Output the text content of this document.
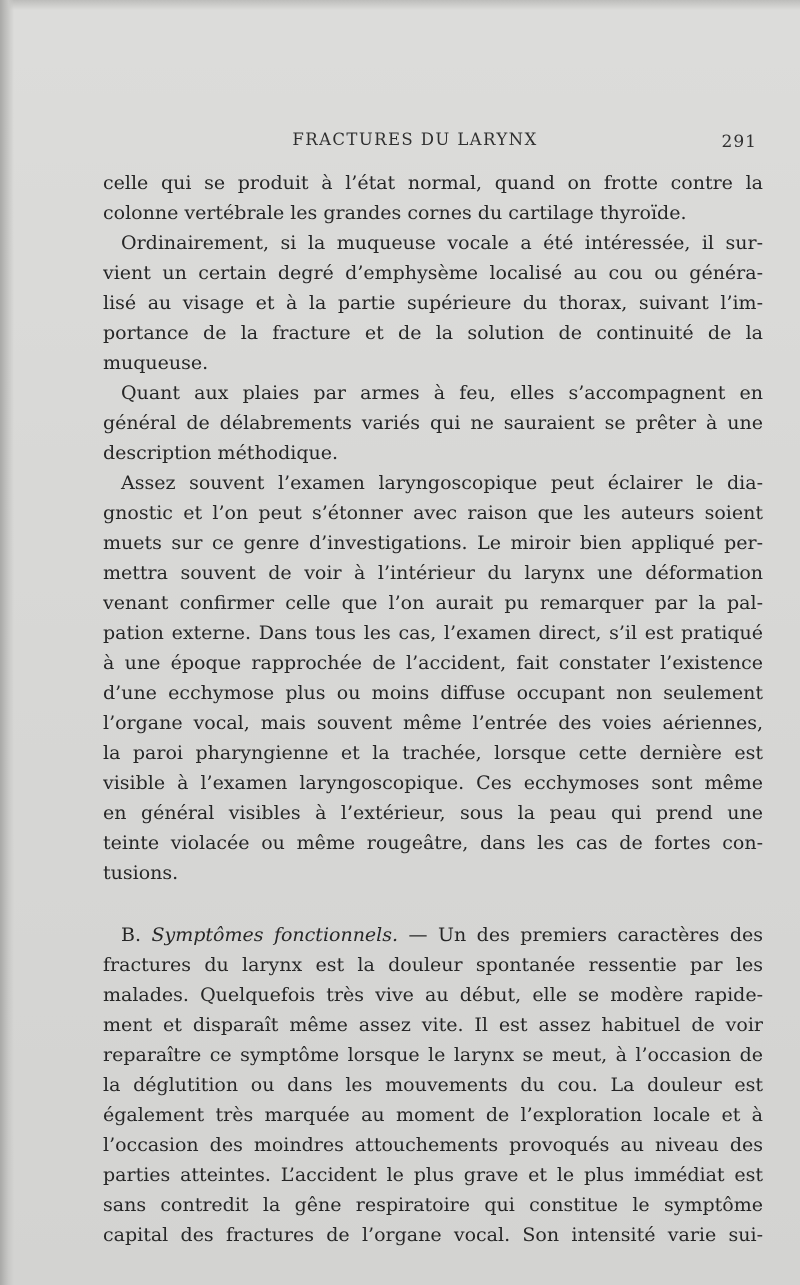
FRACTURES DU LARYNX	291
celle qui se produit à l’état normal, quand on frotte contre la
colonne vertébrale les grandes cornes du cartilage thyroïde.
Ordinairement, si la muqueuse vocale a été intéressée, il sur-
vient un certain degré d’emphysème localisé au cou ou généra-
lisé au visage et à la partie supérieure du thorax, suivant l’im-
portance de la fracture et de la solution de continuité de la
muqueuse.
Quant aux plaies par armes à feu, elles s’accompagnent en
général de délabrements variés qui ne sauraient se prêter à une
description méthodique.
Assez souvent l’examen laryngoscopique peut éclairer le dia-
gnostic et l’on peut s’étonner avec raison que les auteurs soient
muets sur ce genre d’investigations. Le miroir bien appliqué per-
mettra souvent de voir à l’intérieur du larynx une déformation
venant confirmer celle que l’on aurait pu remarquer par la pal-
pation externe. Dans tous les cas, l’examen direct, s’il est pratiqué
à une époque rapprochée de l’accident, fait constater l’existence
d’une ecchymose plus ou moins diffuse occupant non seulement
l’organe vocal, mais souvent même l’entrée des voies aériennes,
la paroi pharyngienne et la trachée, lorsque cette dernière est
visible à l’examen laryngoscopique. Ces ecchymoses sont même
en général visibles à l’extérieur, sous la peau qui prend une
teinte violacée ou même rougeâtre, dans les cas de fortes con-
tusions.
B. Symptômes fonctionnels. — Un des premiers caractères des
fractures du larynx est la douleur spontanée ressentie par les
malades. Quelquefois très vive au début, elle se modère rapide-
ment et disparaît même assez vite. Il est assez habituel de voir
reparaître ce symptôme lorsque le larynx se meut, à l’occasion de
la déglutition ou dans les mouvements du cou. La douleur est
également très marquée au moment de l’exploration locale et à
l’occasion des moindres attouchements provoqués au niveau des
parties atteintes. L’accident le plus grave et le plus immédiat est
sans contredit la gêne respiratoire qui constitue le symptôme
capital des fractures de l’organe vocal. Son intensité varie sui-
